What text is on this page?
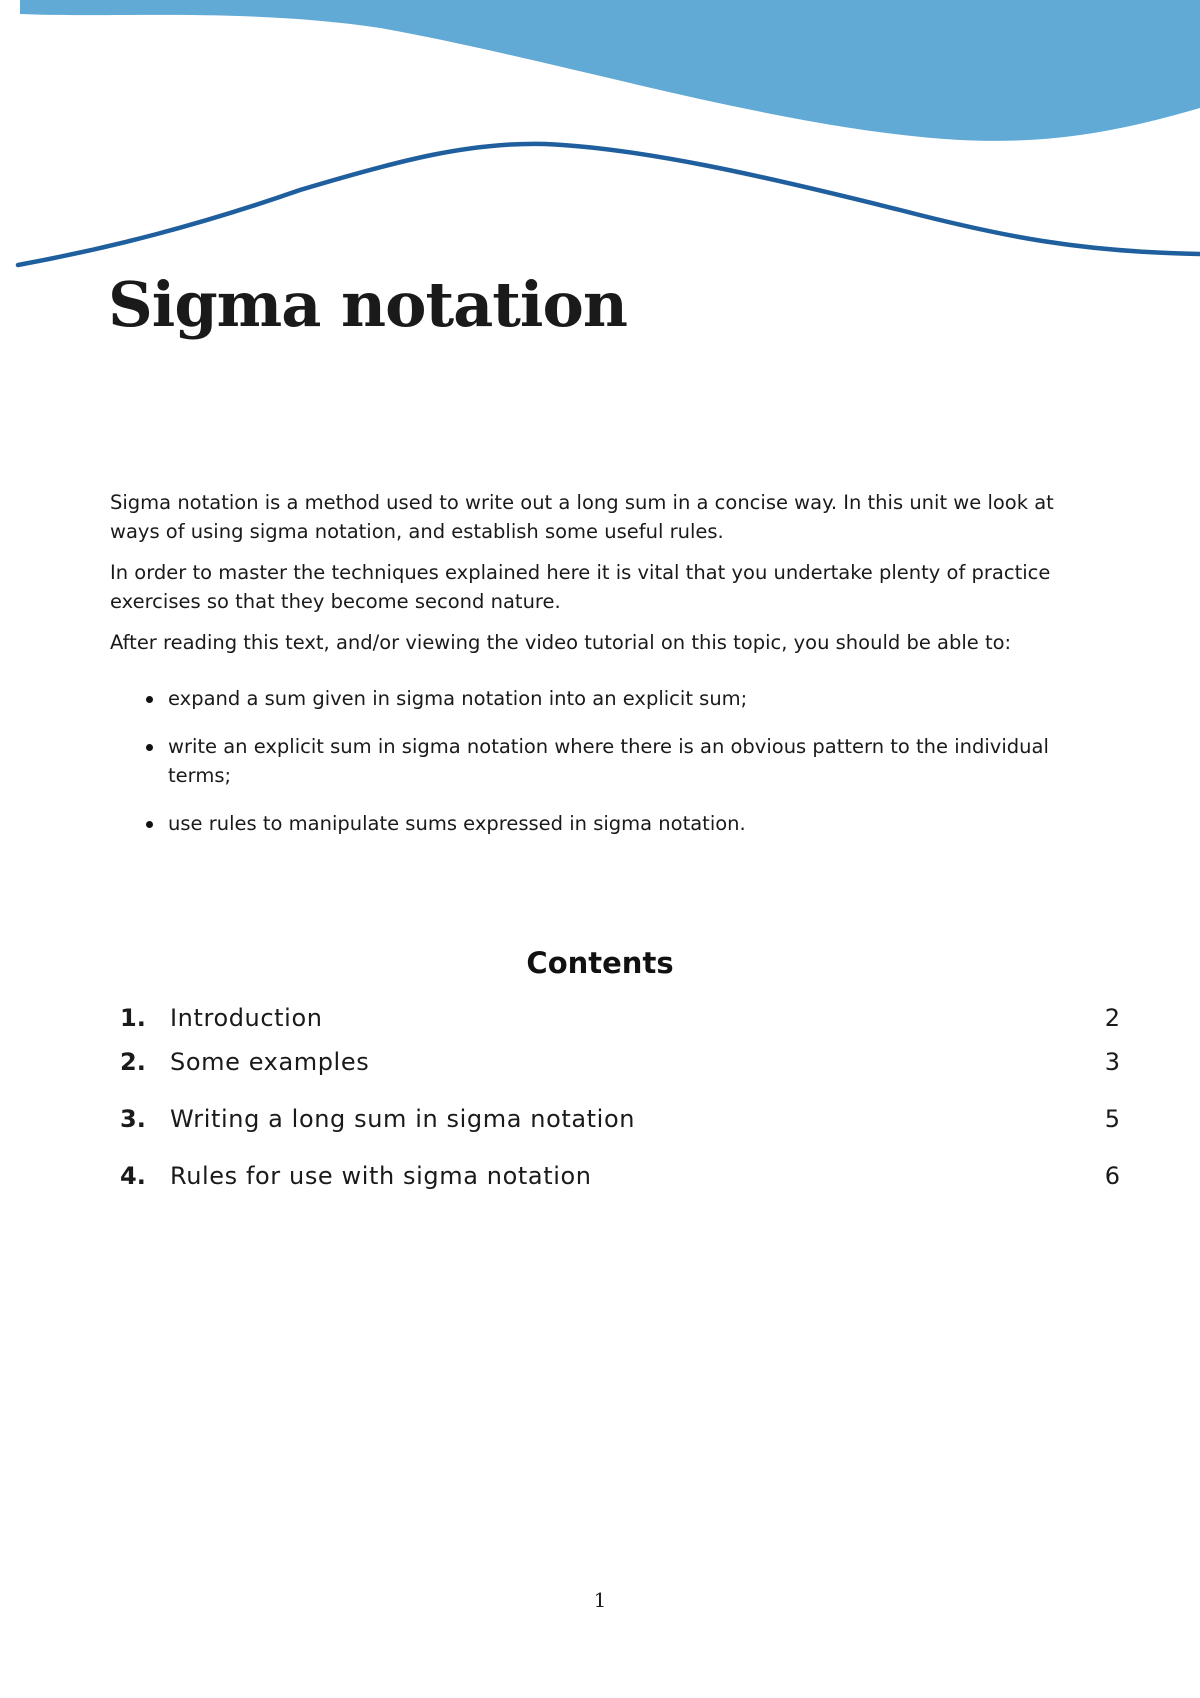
Sigma notation

Sigma notation is a method used to write out a long sum in a concise way. In this unit we look at ways of using sigma notation, and establish some useful rules.

In order to master the techniques explained here it is vital that you undertake plenty of practice exercises so that they become second nature.

After reading this text, and/or viewing the video tutorial on this topic, you should be able to:

expand a sum given in sigma notation into an explicit sum;
write an explicit sum in sigma notation where there is an obvious pattern to the individual terms;
use rules to manipulate sums expressed in sigma notation.
Contents
1. Introduction	2
2. Some examples	3
3. Writing a long sum in sigma notation	5
4. Rules for use with sigma notation	6
1
